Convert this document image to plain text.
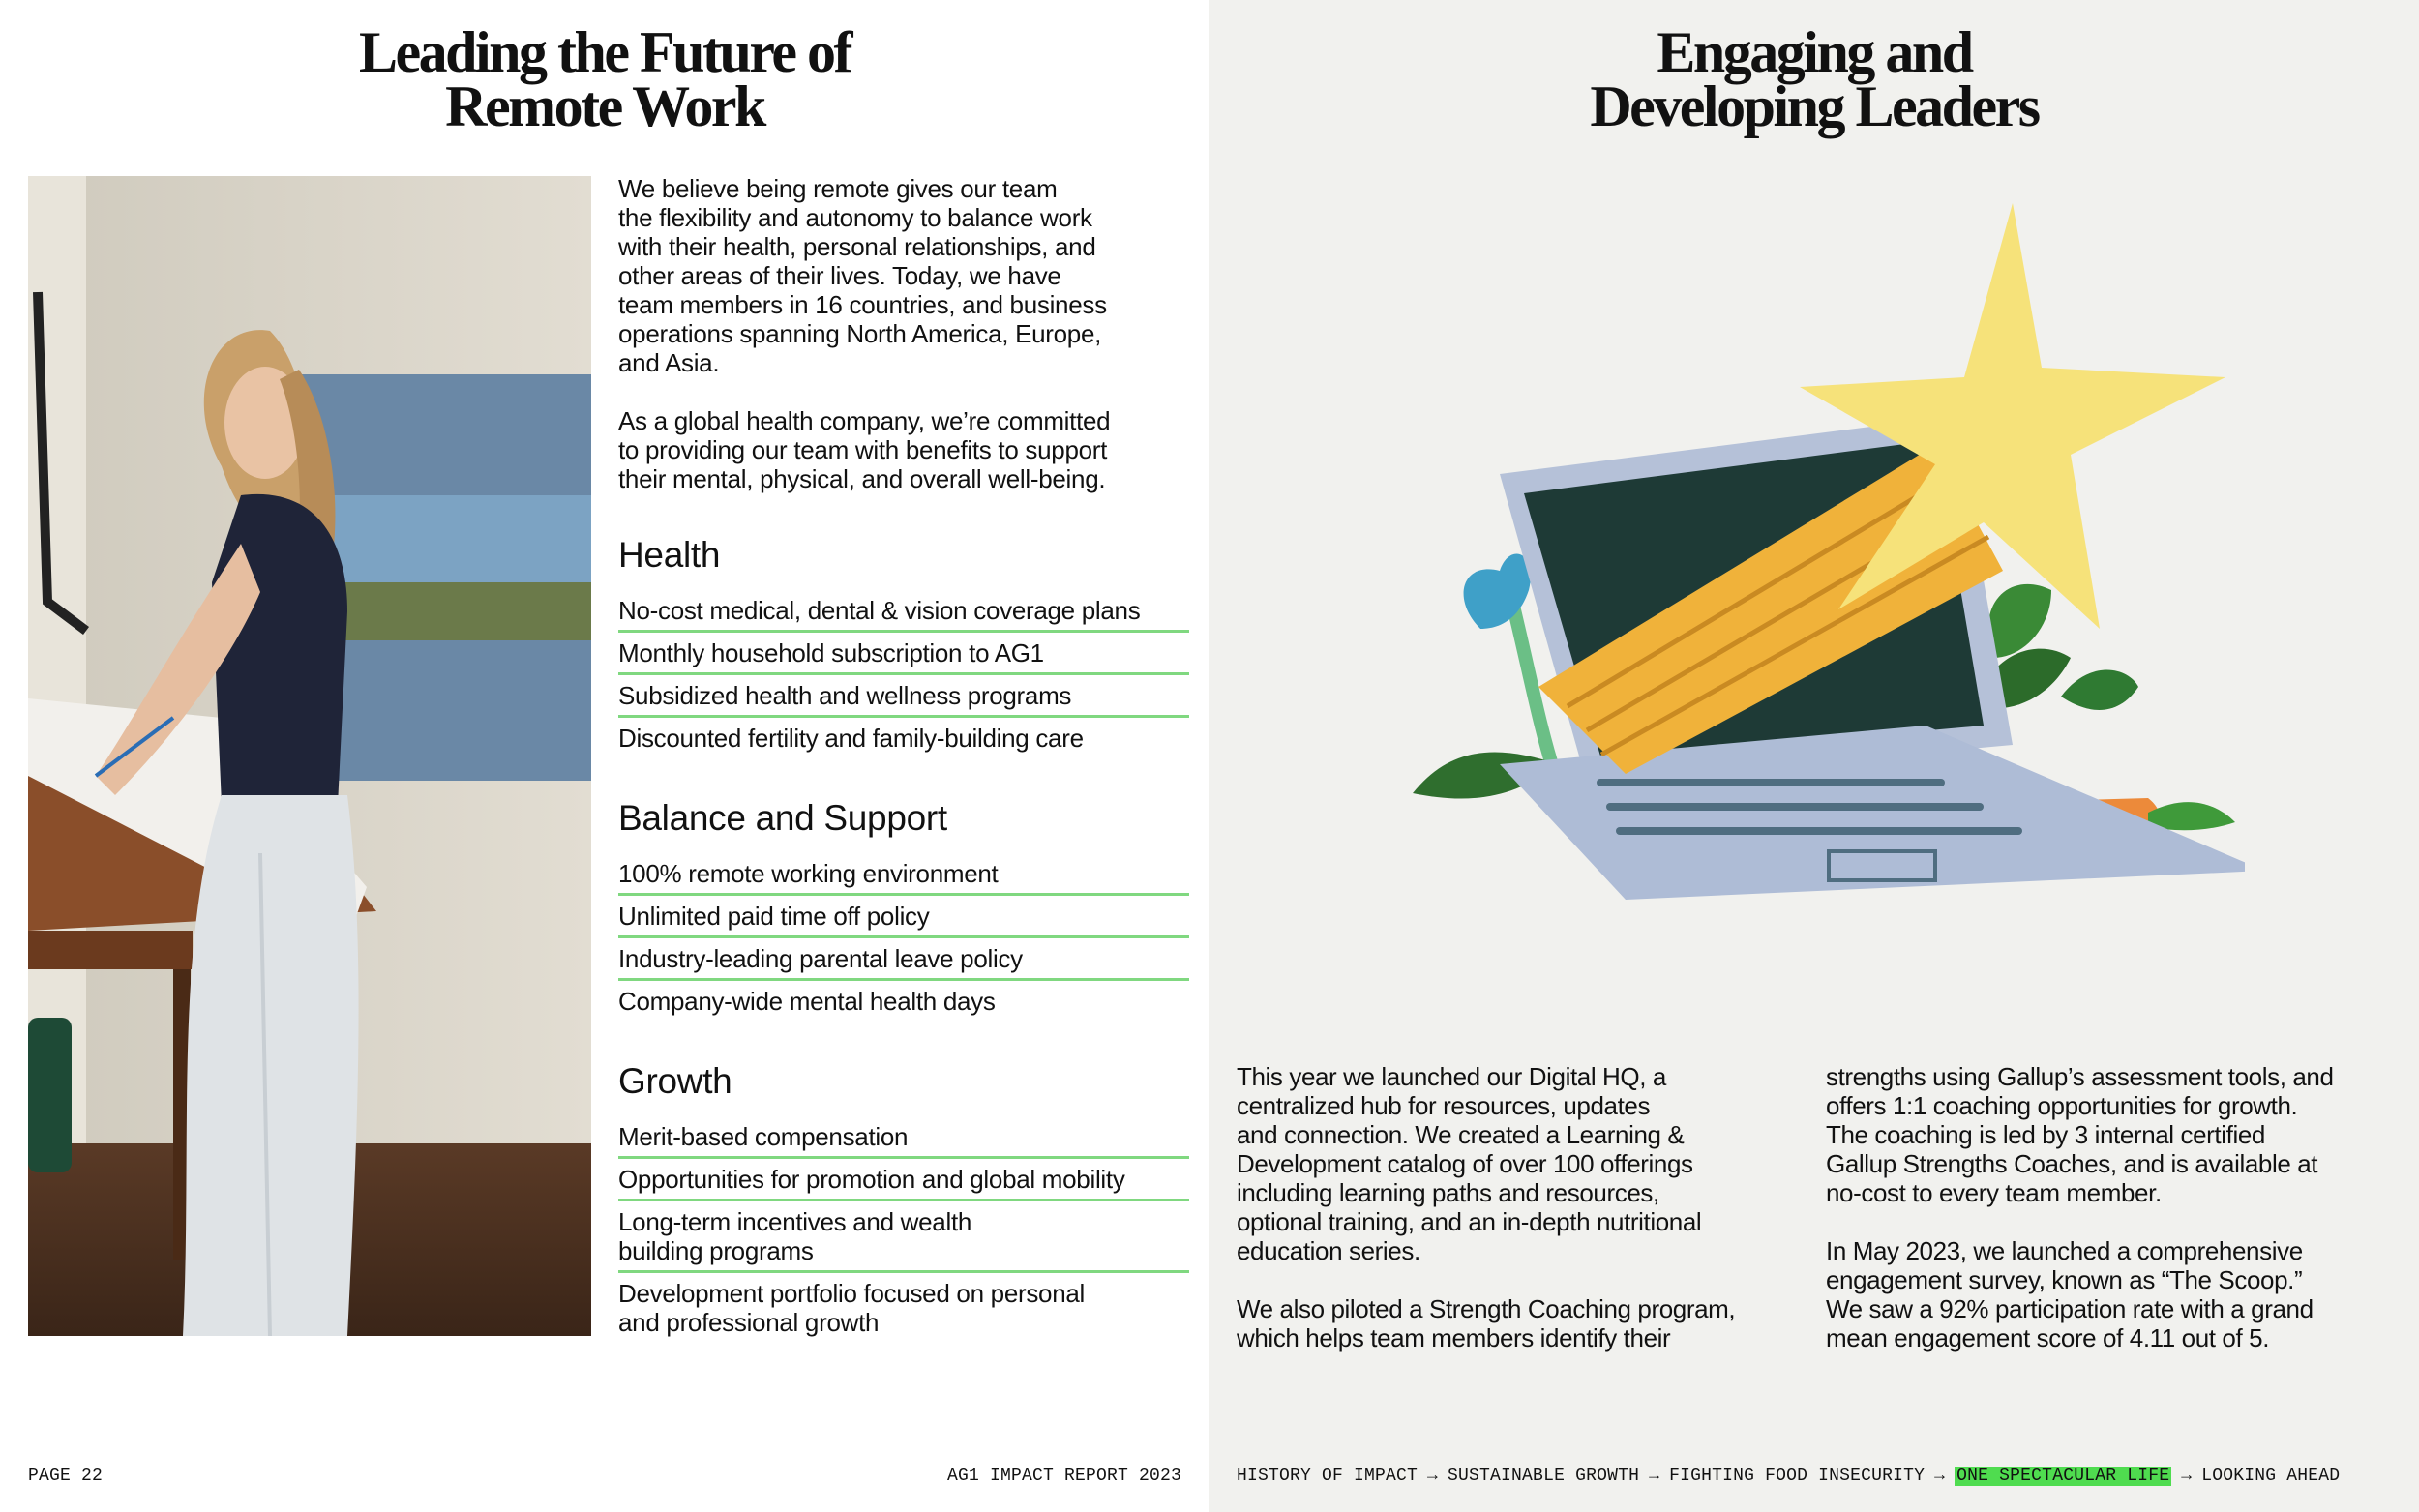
Leading the Future of
Remote Work
We believe being remote gives our team
the flexibility and autonomy to balance work
with their health, personal relationships, and
other areas of their lives. Today, we have
team members in 16 countries, and business
operations spanning North America, Europe,
and Asia.
As a global health company, we’re committed
to providing our team with benefits to support
their mental, physical, and overall well-being.
Health
No-cost medical, dental & vision coverage plans
Monthly household subscription to AG1
Subsidized health and wellness programs
Discounted fertility and family-building care
Balance and Support
100% remote working environment
Unlimited paid time off policy
Industry-leading parental leave policy
Company-wide mental health days
Growth
Merit-based compensation
Opportunities for promotion and global mobility
Long-term incentives and wealth
building programs
Development portfolio focused on personal
and professional growth
PAGE 22	AG1 IMPACT REPORT 2023
Engaging and
Developing Leaders

This year we launched our Digital HQ, a
centralized hub for resources, updates
and connection. We created a Learning &
Development catalog of over 100 offerings
including learning paths and resources,
optional training, and an in-depth nutritional
education series.

We also piloted a Strength Coaching program,
which helps team members identify their

strengths using Gallup’s assessment tools, and
offers 1:1 coaching opportunities for growth.
The coaching is led by 3 internal certified
Gallup Strengths Coaches, and is available at
no-cost to every team member.

In May 2023, we launched a comprehensive
engagement survey, known as “The Scoop.”
We saw a 92% participation rate with a grand
mean engagement score of 4.11 out of 5.

HISTORY OF IMPACT → SUSTAINABLE GROWTH → FIGHTING FOOD INSECURITY → ONE SPECTACULAR LIFE → LOOKING AHEAD
